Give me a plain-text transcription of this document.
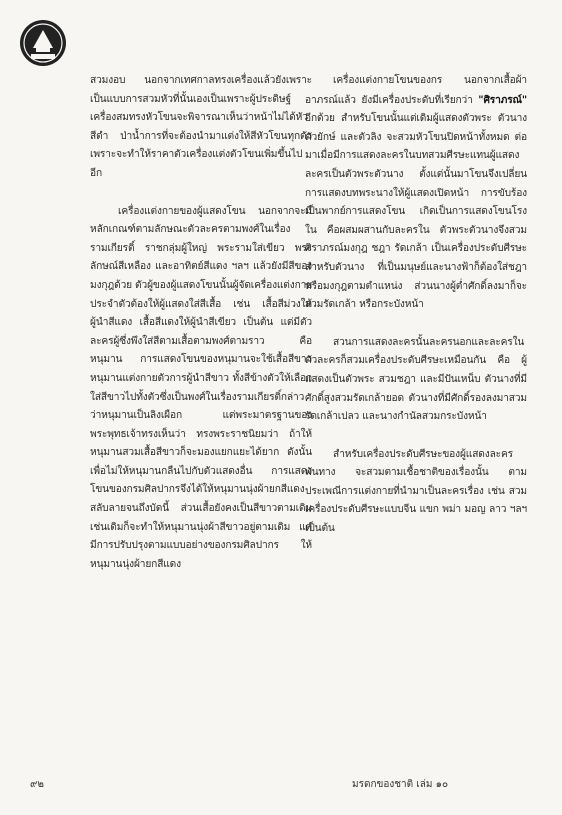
สวมงอบ นอกจากเทศกาลทรงเครื่องแล้วยังเพราะเป็นแบบการสวมหัวที่นั้นเองเป็นเพราะผู้ประดิษฐ์เครื่องสมทรงหัวโขนจะพิจารณาเห็นว่าหน้าไม่ได้หัวสีดำ ป่าน้ำการที่จะต้องนำมาแต่งให้สีหัวโขนทุกตัว เพราะจะทำให้ราคาตัวเครื่องแต่งตัวโขนเพิ่มขึ้นไปอีก

เครื่องแต่งกายของผู้แสดงโขน นอกจากจะมีหลักเกณฑ์ตามลักษณะตัวละครตามพงศ์ในเรื่องรามเกียรติ์ ราชกลุ่มผู้ใหญ่ พระรามใส่เขียว พระลักษณ์สีเหลือง และอาทิตย์สีแดง ฯลฯ แล้วยังมีสีของมงกุฎด้วย ตัวผู้ของผู้แสดงโขนนั้นผู้จัดเครื่องแต่งกายประจำตัวต้องให้ผู้แสดงใส่สีเสื้อ เช่น เสื้อสีม่วงให้ผู้นำสีแดง เสื้อสีแดงให้ผู้นำสีเขียว เป็นต้น แต่มีตัวละครผู้ซึ่งพึงใส่สีตามเสื้อตามพงศ์ตามราว คือ หนุมาน การแสดงโขนของหนุมานจะใช้เสื้อสีขาวหนุมานแต่งกายตัวการผู้นำสีขาว ทั้งสีข้างตัวให้เลือกใส่สีขาวไปทั้งตัวซึ่งเป็นพงศ์ในเรื่องรามเกียรติ์กล่าวว่าหนุมานเป็นลิงเผือก แต่พระมาตรฐานของพระพุทธเจ้าทรงเห็นว่า ทรงพระราชนิยมว่า ถ้าให้หนุมานสวมเสื้อสีขาวก็จะมองแยกแยะได้ยาก ดังนั้นเพื่อไม่ให้หนุมานกลืนไปกับตัวแสดงอื่น การแสดงโขนของกรมศิลปากรจึงได้ให้หนุมานนุ่งผ้ายกสีแดงสลับลายจนถึงบัดนี้ ส่วนเสื้อยังคงเป็นสีขาวตามเดิมเช่นเดิมก็จะทำให้หนุมานนุ่งผ้าสีขาวอยู่ตามเดิม แต่มีการปรับปรุงตามแบบอย่างของกรมศิลปากร ให้หนุมานนุ่งผ้ายกสีแดง

เครื่องแต่งกายโขนของกร นอกจากเสื้อผ้าอาภรณ์แล้ว ยังมีเครื่องประดับที่เรียกว่า "ศิราภรณ์" อีกด้วย สำหรับโขนนั้นแต่เดิมผู้แสดงตัวพระ ตัวนาง ตัวยักษ์ และตัวลิง จะสวมหัวโขนปิดหน้าทั้งหมด ต่อมาเมื่อมีการแสดงละครในบทสวมศีรษะแทนผู้แสดงละครเป็นตัวพระตัวนาง ตั้งแต่นั้นมาโขนจึงเปลี่ยนการแสดงบทพระนางให้ผู้แสดงเปิดหน้า การขับร้องเป็นพากย์การแสดงโขน เกิดเป็นการแสดงโขนโรงใน คือผสมผสานกับละครใน ตัวพระตัวนางจึงสวมศิราภรณ์มงกุฎ ชฎา รัดเกล้า เป็นเครื่องประดับศีรษะ สำหรับตัวนาง ที่เป็นมนุษย์และนางฟ้าก็ต้องใส่ชฎาหรือมงกุฎตามตำแหน่ง ส่วนนางผู้ต่ำศักดิ์ลงมาก็จะสวมรัดเกล้า หรือกระบังหน้า

สวนการแสดงละครนั้นละครนอกและละครใน ตัวละครก็สวมเครื่องประดับศีรษะเหมือนกัน คือ ผู้แสดงเป็นตัวพระ สวมชฎา และมีปันเหน็บ ตัวนางที่มีศักดิ์สูงสวมรัดเกล้ายอด ตัวนางที่มีศักดิ์รองลงมาสวมรัดเกล้าเปลว และนางกำนัลสวมกระบังหน้า

สำหรับเครื่องประดับศีรษะของผู้แสดงละครพันทาง จะสวมตามเชื้อชาติของเรื่องนั้น ตามประเพณีการแต่งกายที่นำมาเป็นละครเรื่อง เช่น สวมเครื่องประดับศีรษะแบบจีน แขก พม่า มอญ ลาว ฯลฯ เป็นต้น

๙๒	มรดกของชาติ เล่ม ๑๐
